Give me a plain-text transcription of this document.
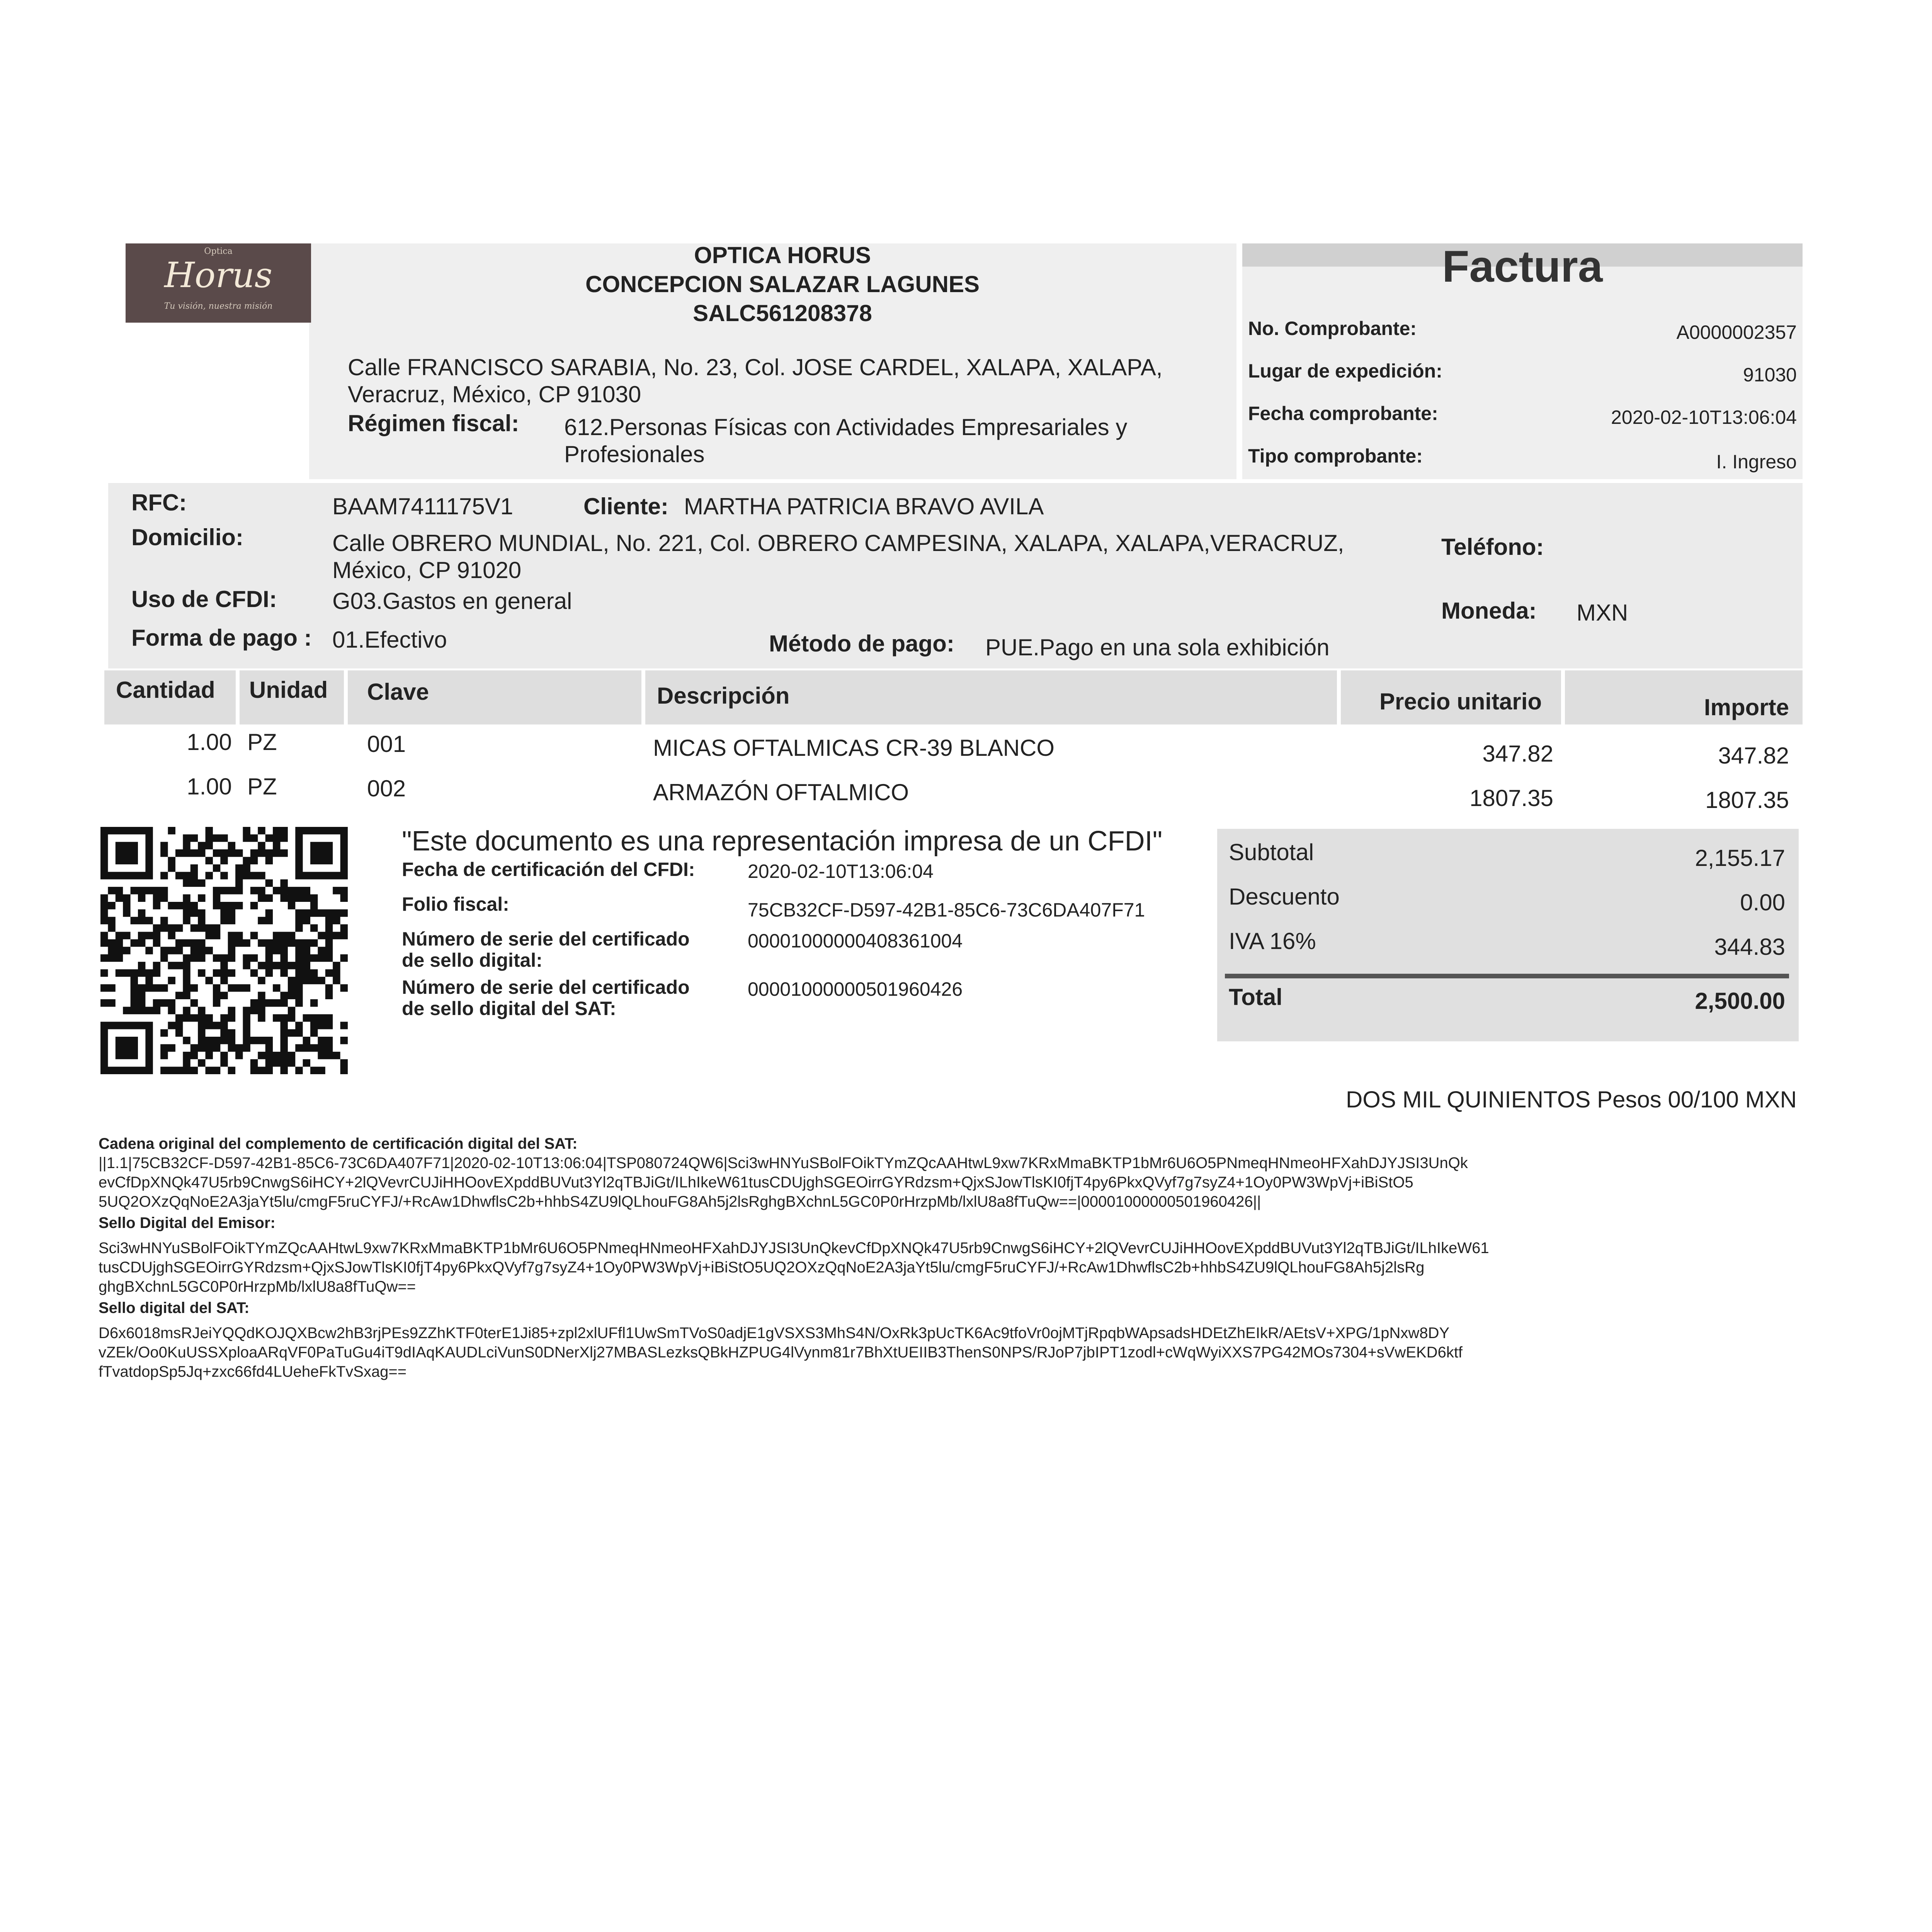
Optica
Horus
Tu visión, nuestra misión
OPTICA HORUS
CONCEPCION SALAZAR LAGUNES
SALC561208378
Calle FRANCISCO SARABIA, No. 23, Col. JOSE CARDEL, XALAPA, XALAPA,
Veracruz, México, CP 91030
Régimen fiscal: 612.Personas Físicas con Actividades Empresariales y
Profesionales
Factura
No. Comprobante:	A0000002357
Lugar de expedición:	91030
Fecha comprobante:	2020-02-10T13:06:04
Tipo comprobante:	I. Ingreso
RFC:	BAAM7411175V1	Cliente: MARTHA PATRICIA BRAVO AVILA
Domicilio:	Calle OBRERO MUNDIAL, No. 221, Col. OBRERO CAMPESINA, XALAPA, XALAPA,VERACRUZ,
México, CP 91020
Teléfono:
Uso de CFDI: G03.Gastos en general	Moneda: MXN
Forma de pago : 01.Efectivo	Método de pago: PUE.Pago en una sola exhibición
Cantidad Unidad Clave	Descripción	Precio unitario	Importe
1.00 PZ	001	MICAS OFTALMICAS CR-39 BLANCO	347.82	347.82
1.00 PZ	002	ARMAZÓN OFTALMICO	1807.35	1807.35
"Este documento es una representación impresa de un CFDI"
Fecha de certificación del CFDI:	2020-02-10T13:06:04
Folio fiscal:	75CB32CF-D597-42B1-85C6-73C6DA407F71
Número de serie del certificado
de sello digital:
00001000000408361004
Número de serie del certificado
de sello digital del SAT:
00001000000501960426
Subtotal	2,155.17
Descuento	0.00
IVA 16%	344.83
Total	2,500.00
DOS MIL QUINIENTOS Pesos 00/100 MXN
Cadena original del complemento de certificación digital del SAT:
||1.1|75CB32CF-D597-42B1-85C6-73C6DA407F71|2020-02-10T13:06:04|TSP080724QW6|Sci3wHNYuSBolFOikTYmZQcAAHtwL9xw7KRxMmaBKTP1bMr6U6O5PNmeqHNmeoHFXahDJYJSI3UnQk
evCfDpXNQk47U5rb9CnwgS6iHCY+2lQVevrCUJiHHOovEXpddBUVut3Yl2qTBJiGt/ILhIkeW61tusCDUjghSGEOirrGYRdzsm+QjxSJowTlsKI0fjT4py6PkxQVyf7g7syZ4+1Oy0PW3WpVj+iBiStO5
5UQ2OXzQqNoE2A3jaYt5lu/cmgF5ruCYFJ/+RcAw1DhwflsC2b+hhbS4ZU9lQLhouFG8Ah5j2lsRghgBXchnL5GC0P0rHrzpMb/lxlU8a8fTuQw==|00001000000501960426||
Sello Digital del Emisor:
Sci3wHNYuSBolFOikTYmZQcAAHtwL9xw7KRxMmaBKTP1bMr6U6O5PNmeqHNmeoHFXahDJYJSI3UnQkevCfDpXNQk47U5rb9CnwgS6iHCY+2lQVevrCUJiHHOovEXpddBUVut3Yl2qTBJiGt/ILhIkeW61
tusCDUjghSGEOirrGYRdzsm+QjxSJowTlsKI0fjT4py6PkxQVyf7g7syZ4+1Oy0PW3WpVj+iBiStO5UQ2OXzQqNoE2A3jaYt5lu/cmgF5ruCYFJ/+RcAw1DhwflsC2b+hhbS4ZU9lQLhouFG8Ah5j2lsRg
ghgBXchnL5GC0P0rHrzpMb/lxlU8a8fTuQw==
Sello digital del SAT:
D6x6018msRJeiYQQdKOJQXBcw2hB3rjPEs9ZZhKTF0terE1Ji85+zpl2xlUFfl1UwSmTVoS0adjE1gVSXS3MhS4N/OxRk3pUcTK6Ac9tfoVr0ojMTjRpqbWApsadsHDEtZhEIkR/AEtsV+XPG/1pNxw8DY
vZEk/Oo0KuUSSXploaARqVF0PaTuGu4iT9dIAqKAUDLciVunS0DNerXlj27MBASLezksQBkHZPUG4lVynm81r7BhXtUEIIB3ThenS0NPS/RJoP7jbIPT1zodl+cWqWyiXXS7PG42MOs7304+sVwEKD6ktf
fTvatdopSp5Jq+zxc66fd4LUeheFkTvSxag==
